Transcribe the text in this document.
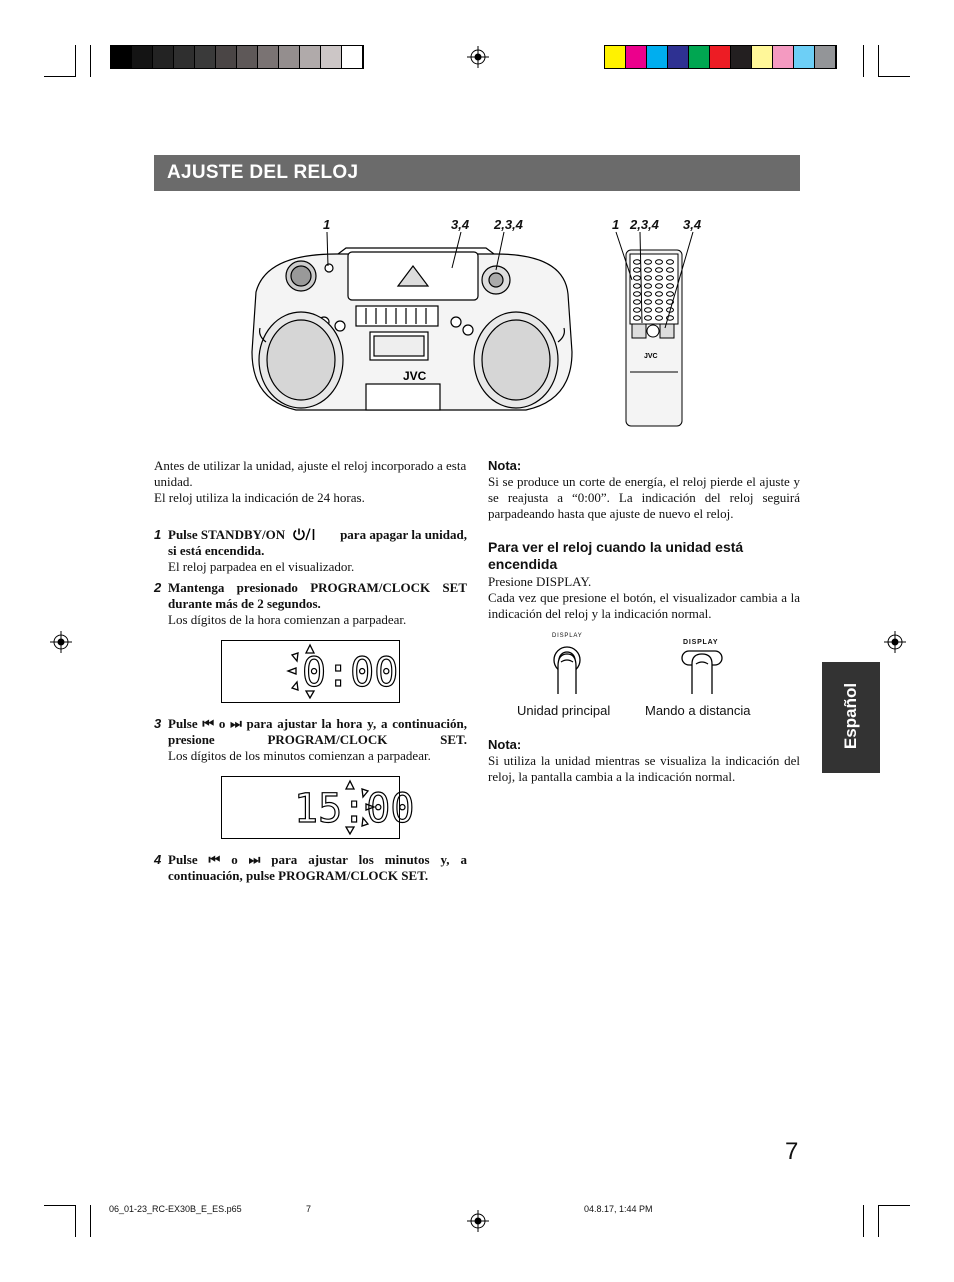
AJUSTE DEL RELOJ
1	3,4 2,3,4	1 2,3,4 3,4
JVC
JVC
Antes de utilizar la unidad, ajuste el reloj incorporado a esta unidad.
El reloj utiliza la indicación de 24 horas.
1 Pulse STANDBY/ON	para apagar la unidad,
si está encendida.
El reloj parpadea en el visualizador.
2 Mantenga presionado PROGRAM/CLOCK SET durante más de 2 segundos.
Los dígitos de la hora comienzan a parpadear.
0:00
3 Pulse ⏮ o ⏭ para ajustar la hora y, a continuación, presione PROGRAM/CLOCK SET.
Los dígitos de los minutos comienzan a parpadear.
15:00
4 Pulse ⏮ o ⏭ para ajustar los minutos y, a continuación, pulse PROGRAM/CLOCK SET.
Nota:
Si se produce un corte de energía, el reloj pierde el ajuste y se reajusta a “0:00”. La indicación del reloj seguirá parpadeando hasta que ajuste de nuevo el reloj.
Para ver el reloj cuando la unidad está encendida
Presione DISPLAY.
Cada vez que presione el botón, el visualizador cambia a la indicación del reloj y la indicación normal.
DISPLAY
DISPLAY
Unidad principal	Mando a distancia
Nota:
Si utiliza la unidad mientras se visualiza la indicación del reloj, la pantalla cambia a la indicación normal.
Español
7
06_01-23_RC-EX30B_E_ES.p65	7	04.8.17, 1:44 PM
